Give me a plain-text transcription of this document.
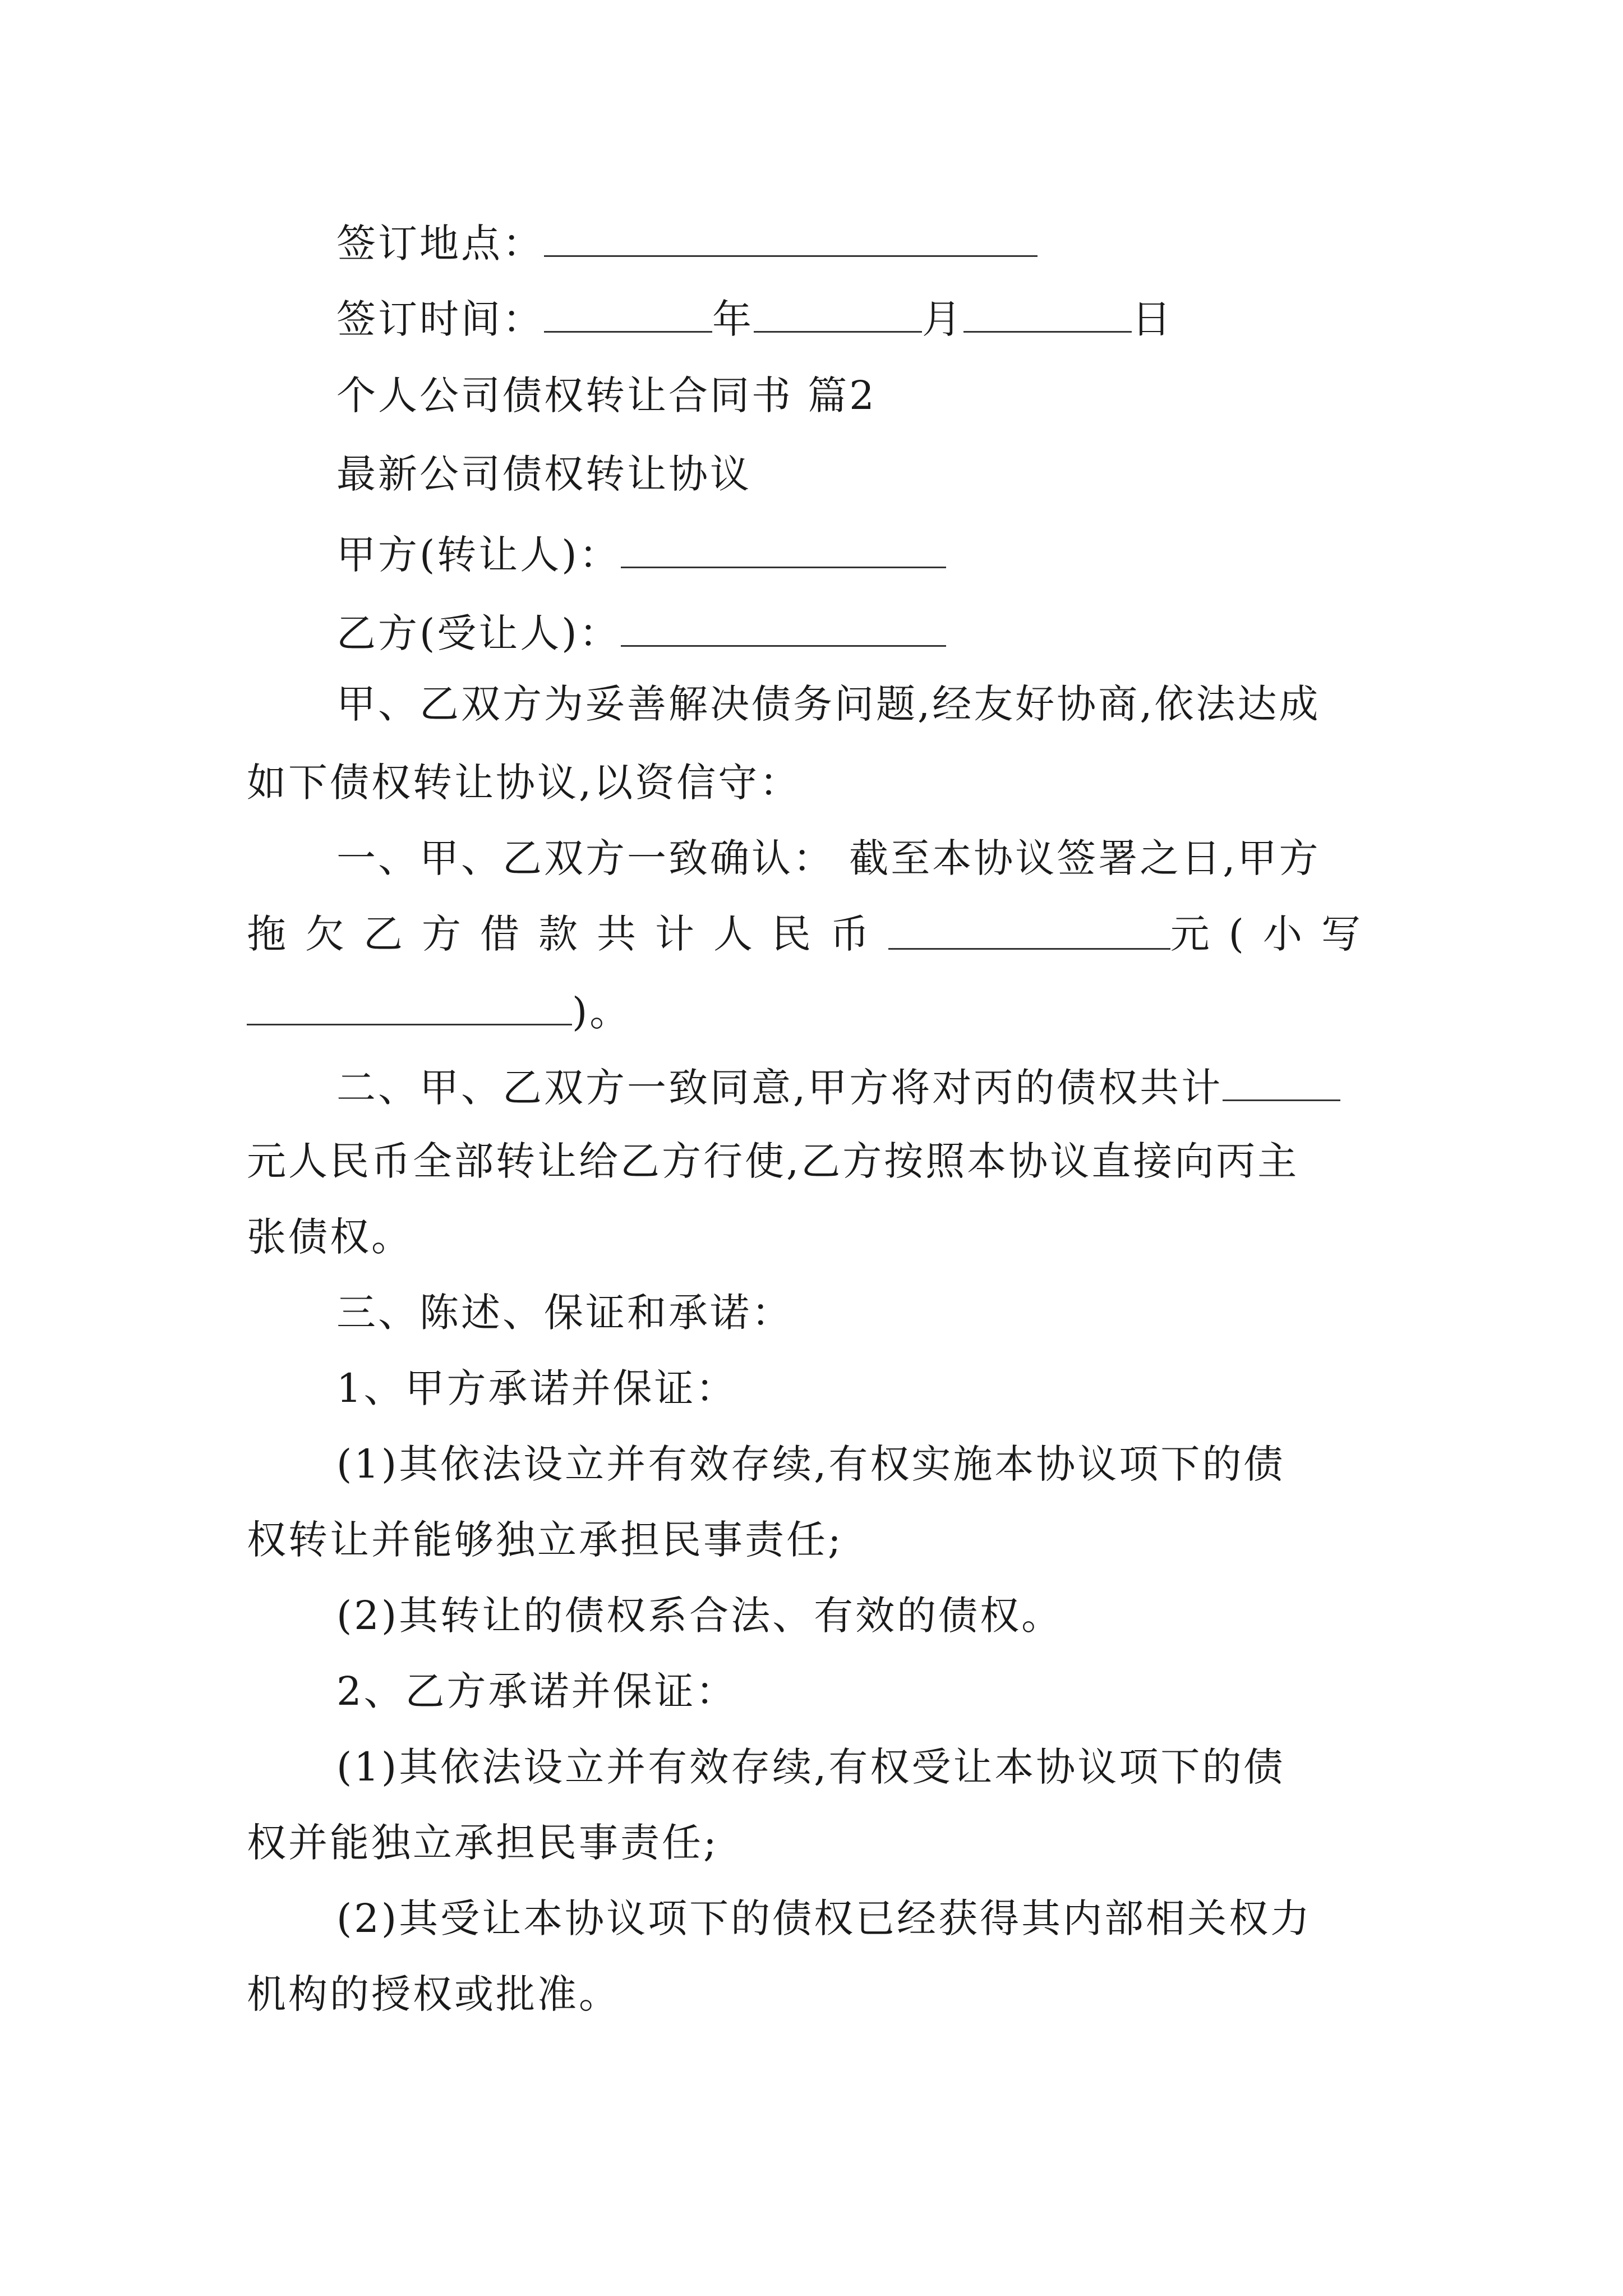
签订地点：
签订时间：	年	月	日
个人公司债权转让合同书 篇2
最新公司债权转让协议
甲方(转让人)：
乙方(受让人)：
甲、乙双方为妥善解决债务问题,经友好协商,依法达成
如下债权转让协议,以资信守：
一、甲、乙双方一致确认： 截至本协议签署之日,甲方
拖欠乙方借款共计人民币	元(小写
)。
二、甲、乙双方一致同意,甲方将对丙的债权共计
元人民币全部转让给乙方行使,乙方按照本协议直接向丙主
张债权。
三、陈述、保证和承诺：
1、甲方承诺并保证：
(1)其依法设立并有效存续,有权实施本协议项下的债
权转让并能够独立承担民事责任;
(2)其转让的债权系合法、有效的债权。
2、乙方承诺并保证：
(1)其依法设立并有效存续,有权受让本协议项下的债
权并能独立承担民事责任;
(2)其受让本协议项下的债权已经获得其内部相关权力
机构的授权或批准。
